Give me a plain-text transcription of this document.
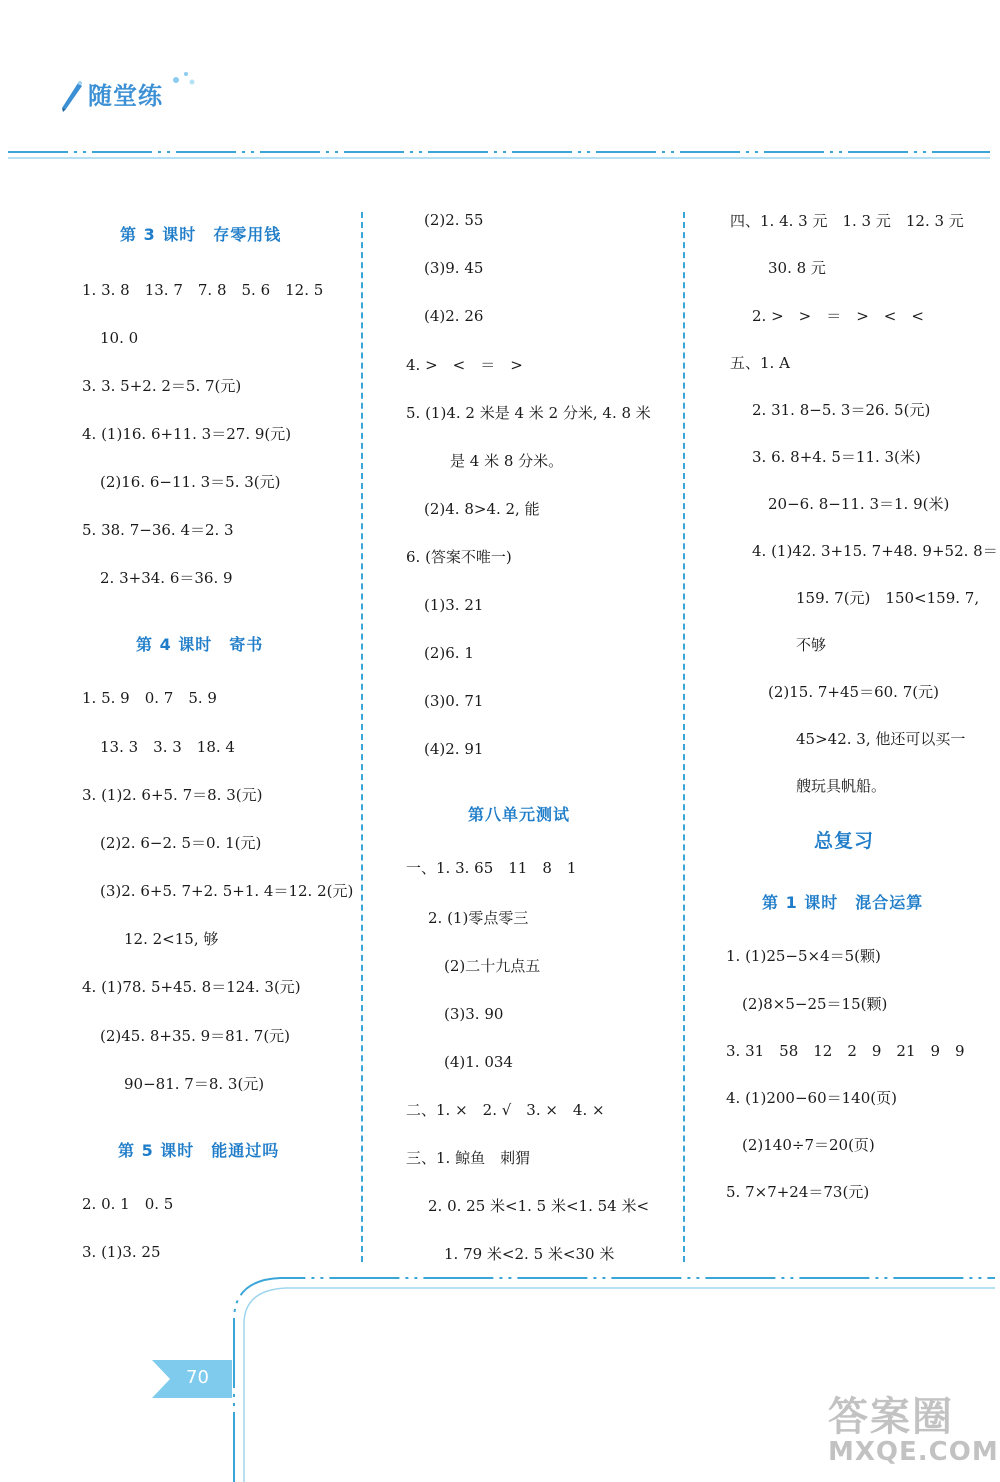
随堂练
第 3 课时　存零用钱
1. 3. 8　13. 7　7. 8　5. 6　12. 5
10. 0
3. 3. 5+2. 2＝5. 7(元)
4. (1)16. 6+11. 3＝27. 9(元)
(2)16. 6−11. 3＝5. 3(元)
5. 38. 7−36. 4＝2. 3
2. 3+34. 6＝36. 9
第 4 课时　寄书
1. 5. 9　0. 7　5. 9
13. 3　3. 3　18. 4
3. (1)2. 6+5. 7＝8. 3(元)
(2)2. 6−2. 5＝0. 1(元)
(3)2. 6+5. 7+2. 5+1. 4＝12. 2(元)
12. 2<15, 够
4. (1)78. 5+45. 8＝124. 3(元)
(2)45. 8+35. 9＝81. 7(元)
90−81. 7＝8. 3(元)
第 5 课时　能通过吗
2. 0. 1　0. 5
3. (1)3. 25
(2)2. 55
(3)9. 45
(4)2. 26
4. >　<　＝　>
5. (1)4. 2 米是 4 米 2 分米, 4. 8 米
是 4 米 8 分米。
(2)4. 8>4. 2, 能
6. (答案不唯一)
(1)3. 21
(2)6. 1
(3)0. 71
(4)2. 91
第八单元测试
一、1. 3. 65　11　8　1
2. (1)零点零三
(2)二十九点五
(3)3. 90
(4)1. 034
二、1. ×　2. √　3. ×　4. ×
三、1. 鲸鱼　刺猬
2. 0. 25 米<1. 5 米<1. 54 米<
1. 79 米<2. 5 米<30 米
四、1. 4. 3 元　1. 3 元　12. 3 元
30. 8 元
2. >　>　＝　>　<　<
五、1. A
2. 31. 8−5. 3＝26. 5(元)
3. 6. 8+4. 5＝11. 3(米)
20−6. 8−11. 3＝1. 9(米)
4. (1)42. 3+15. 7+48. 9+52. 8＝
159. 7(元)　150<159. 7,
不够
(2)15. 7+45＝60. 7(元)
45>42. 3, 他还可以买一
艘玩具帆船。
总复习
第 1 课时　混合运算
1. (1)25−5×4＝5(颗)
(2)8×5−25＝15(颗)
3. 31　58　12　2　9　21　9　9
4. (1)200−60＝140(页)
(2)140÷7＝20(页)
5. 7×7+24＝73(元)
70
答案圈
MXQE.COM
